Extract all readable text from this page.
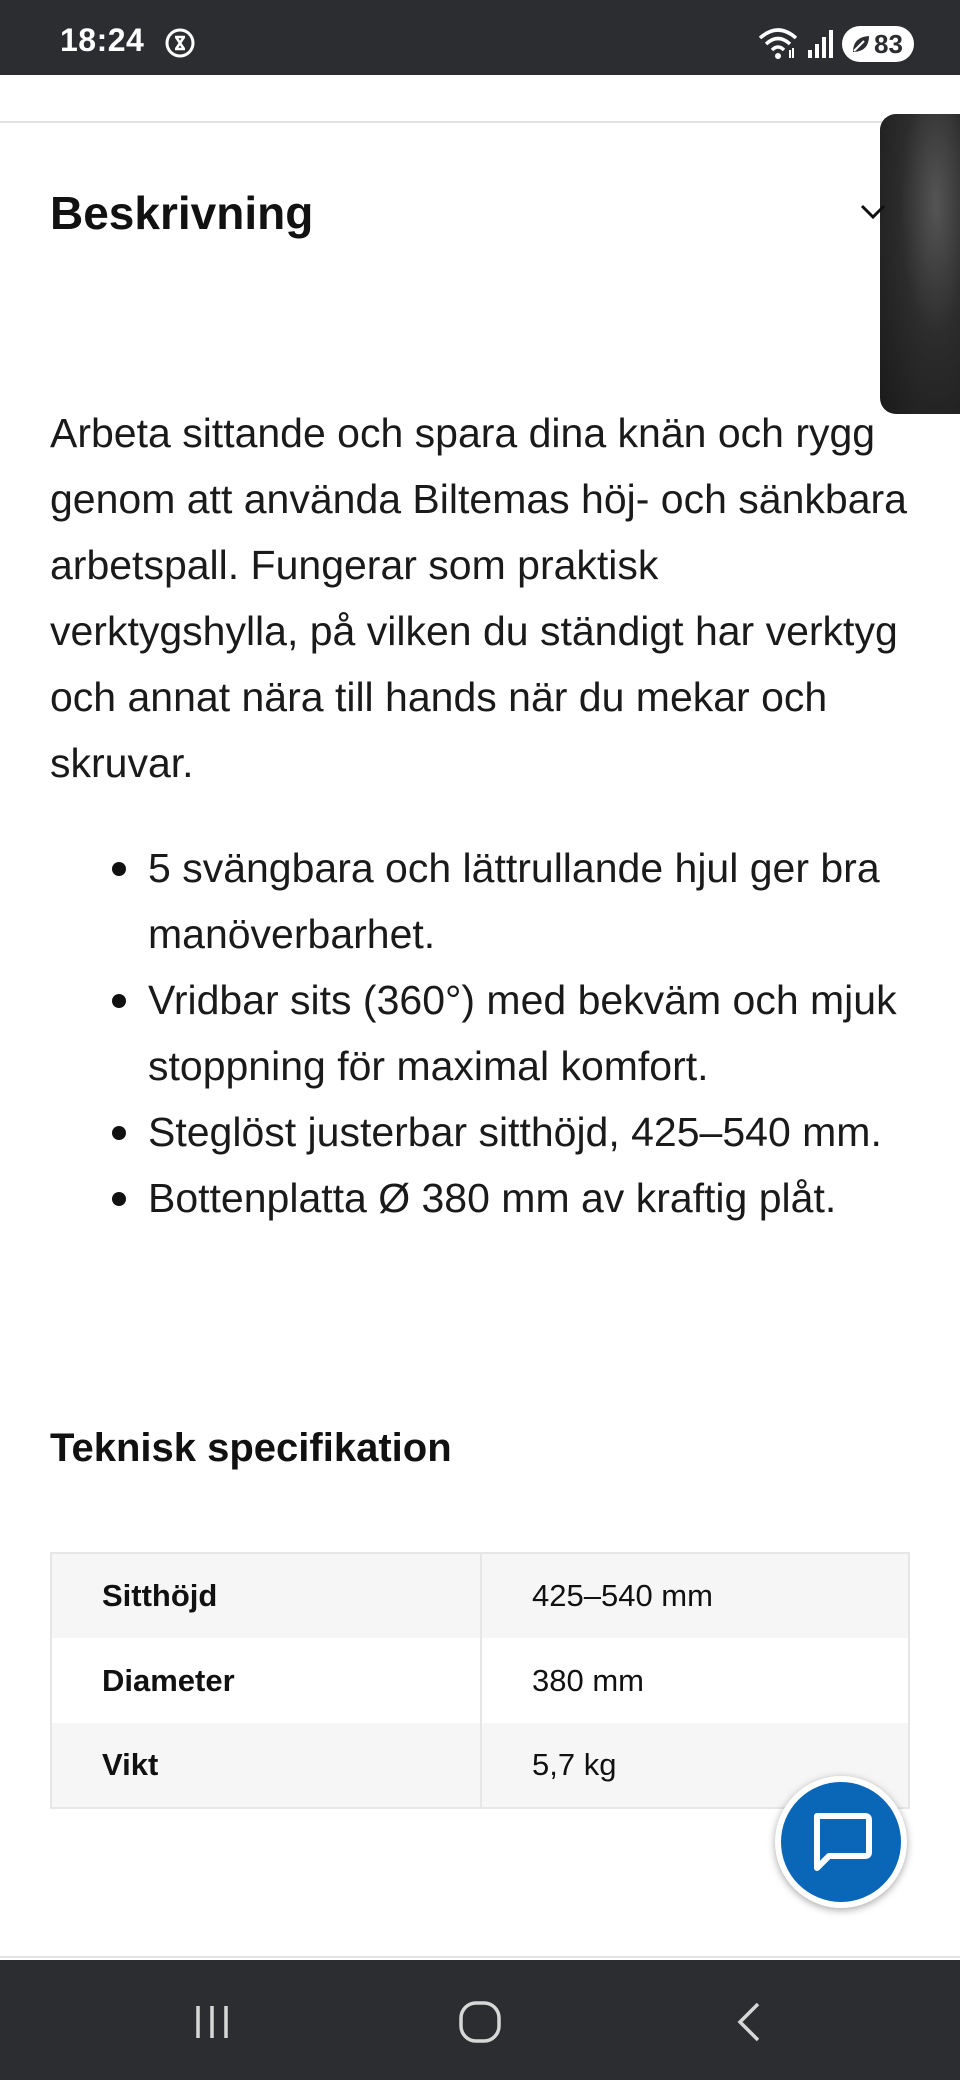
18:24	83
Beskrivning

Arbeta sittande och spara dina knän och rygg genom att använda Biltemas höj- och sänkbara arbetspall. Fungerar som praktisk verktygshylla, på vilken du ständigt har verktyg och annat nära till hands när du mekar och skruvar.

5 svängbara och lättrullande hjul ger bra manöverbarhet.
Vridbar sits (360°) med bekväm och mjuk stoppning för maximal komfort.
Steglöst justerbar sitthöjd, 425–540 mm.
Bottenplatta Ø 380 mm av kraftig plåt.
Teknisk specifikation
Sitthöjd	425–540 mm
Diameter	380 mm
Vikt	5,7 kg
